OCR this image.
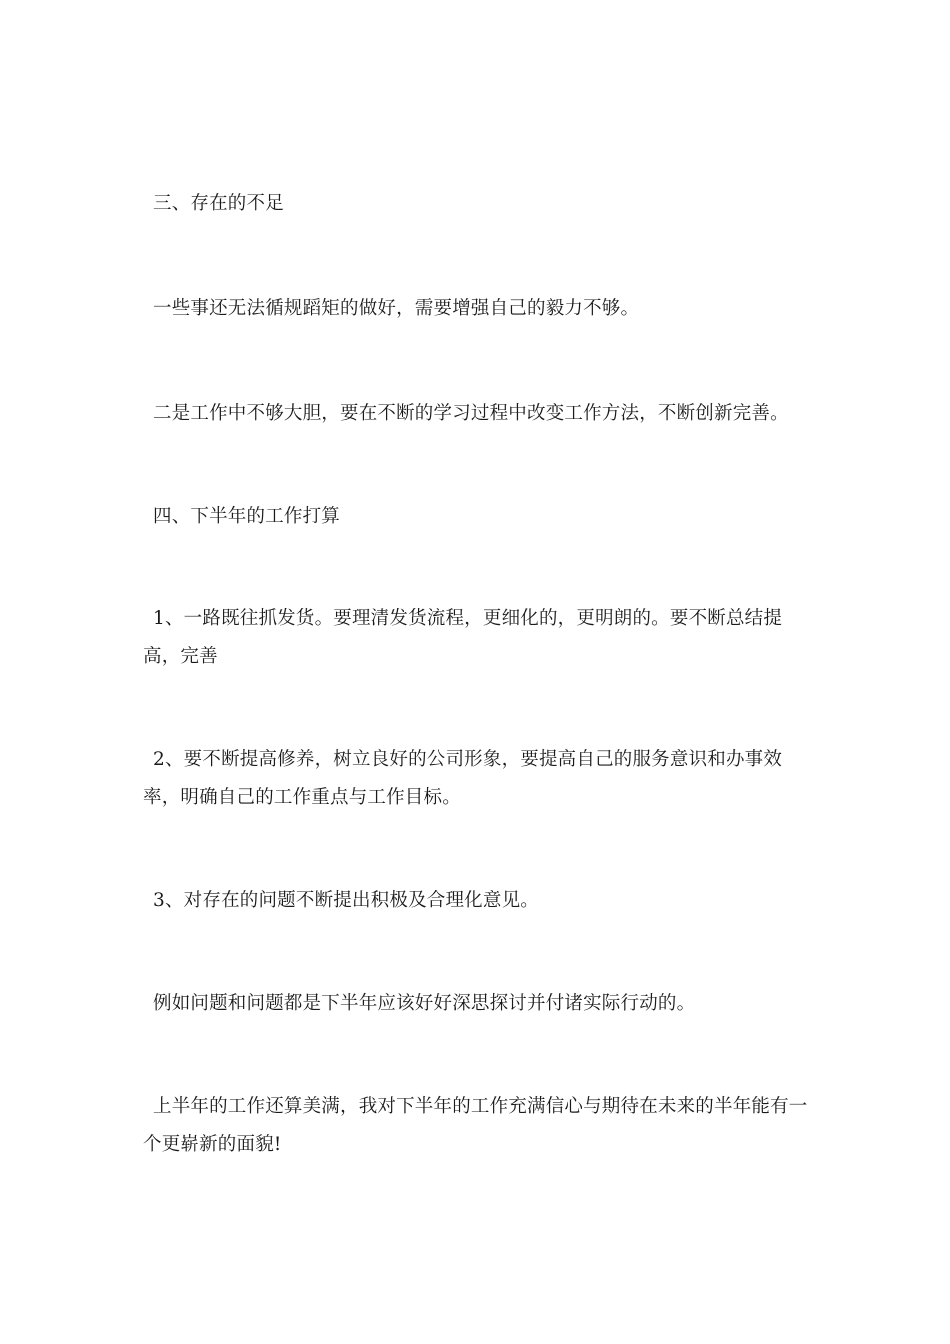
三、存在的不足

一些事还无法循规蹈矩的做好，需要增强自己的毅力不够。

二是工作中不够大胆，要在不断的学习过程中改变工作方法，不断创新完善。

四、下半年的工作打算

1、一路既往抓发货。要理清发货流程，更细化的，更明朗的。要不断总结提高，完善

2、要不断提高修养，树立良好的公司形象，要提高自己的服务意识和办事效率，明确自己的工作重点与工作目标。

3、对存在的问题不断提出积极及合理化意见。

例如问题和问题都是下半年应该好好深思探讨并付诸实际行动的。

上半年的工作还算美满，我对下半年的工作充满信心与期待在未来的半年能有一个更崭新的面貌!
